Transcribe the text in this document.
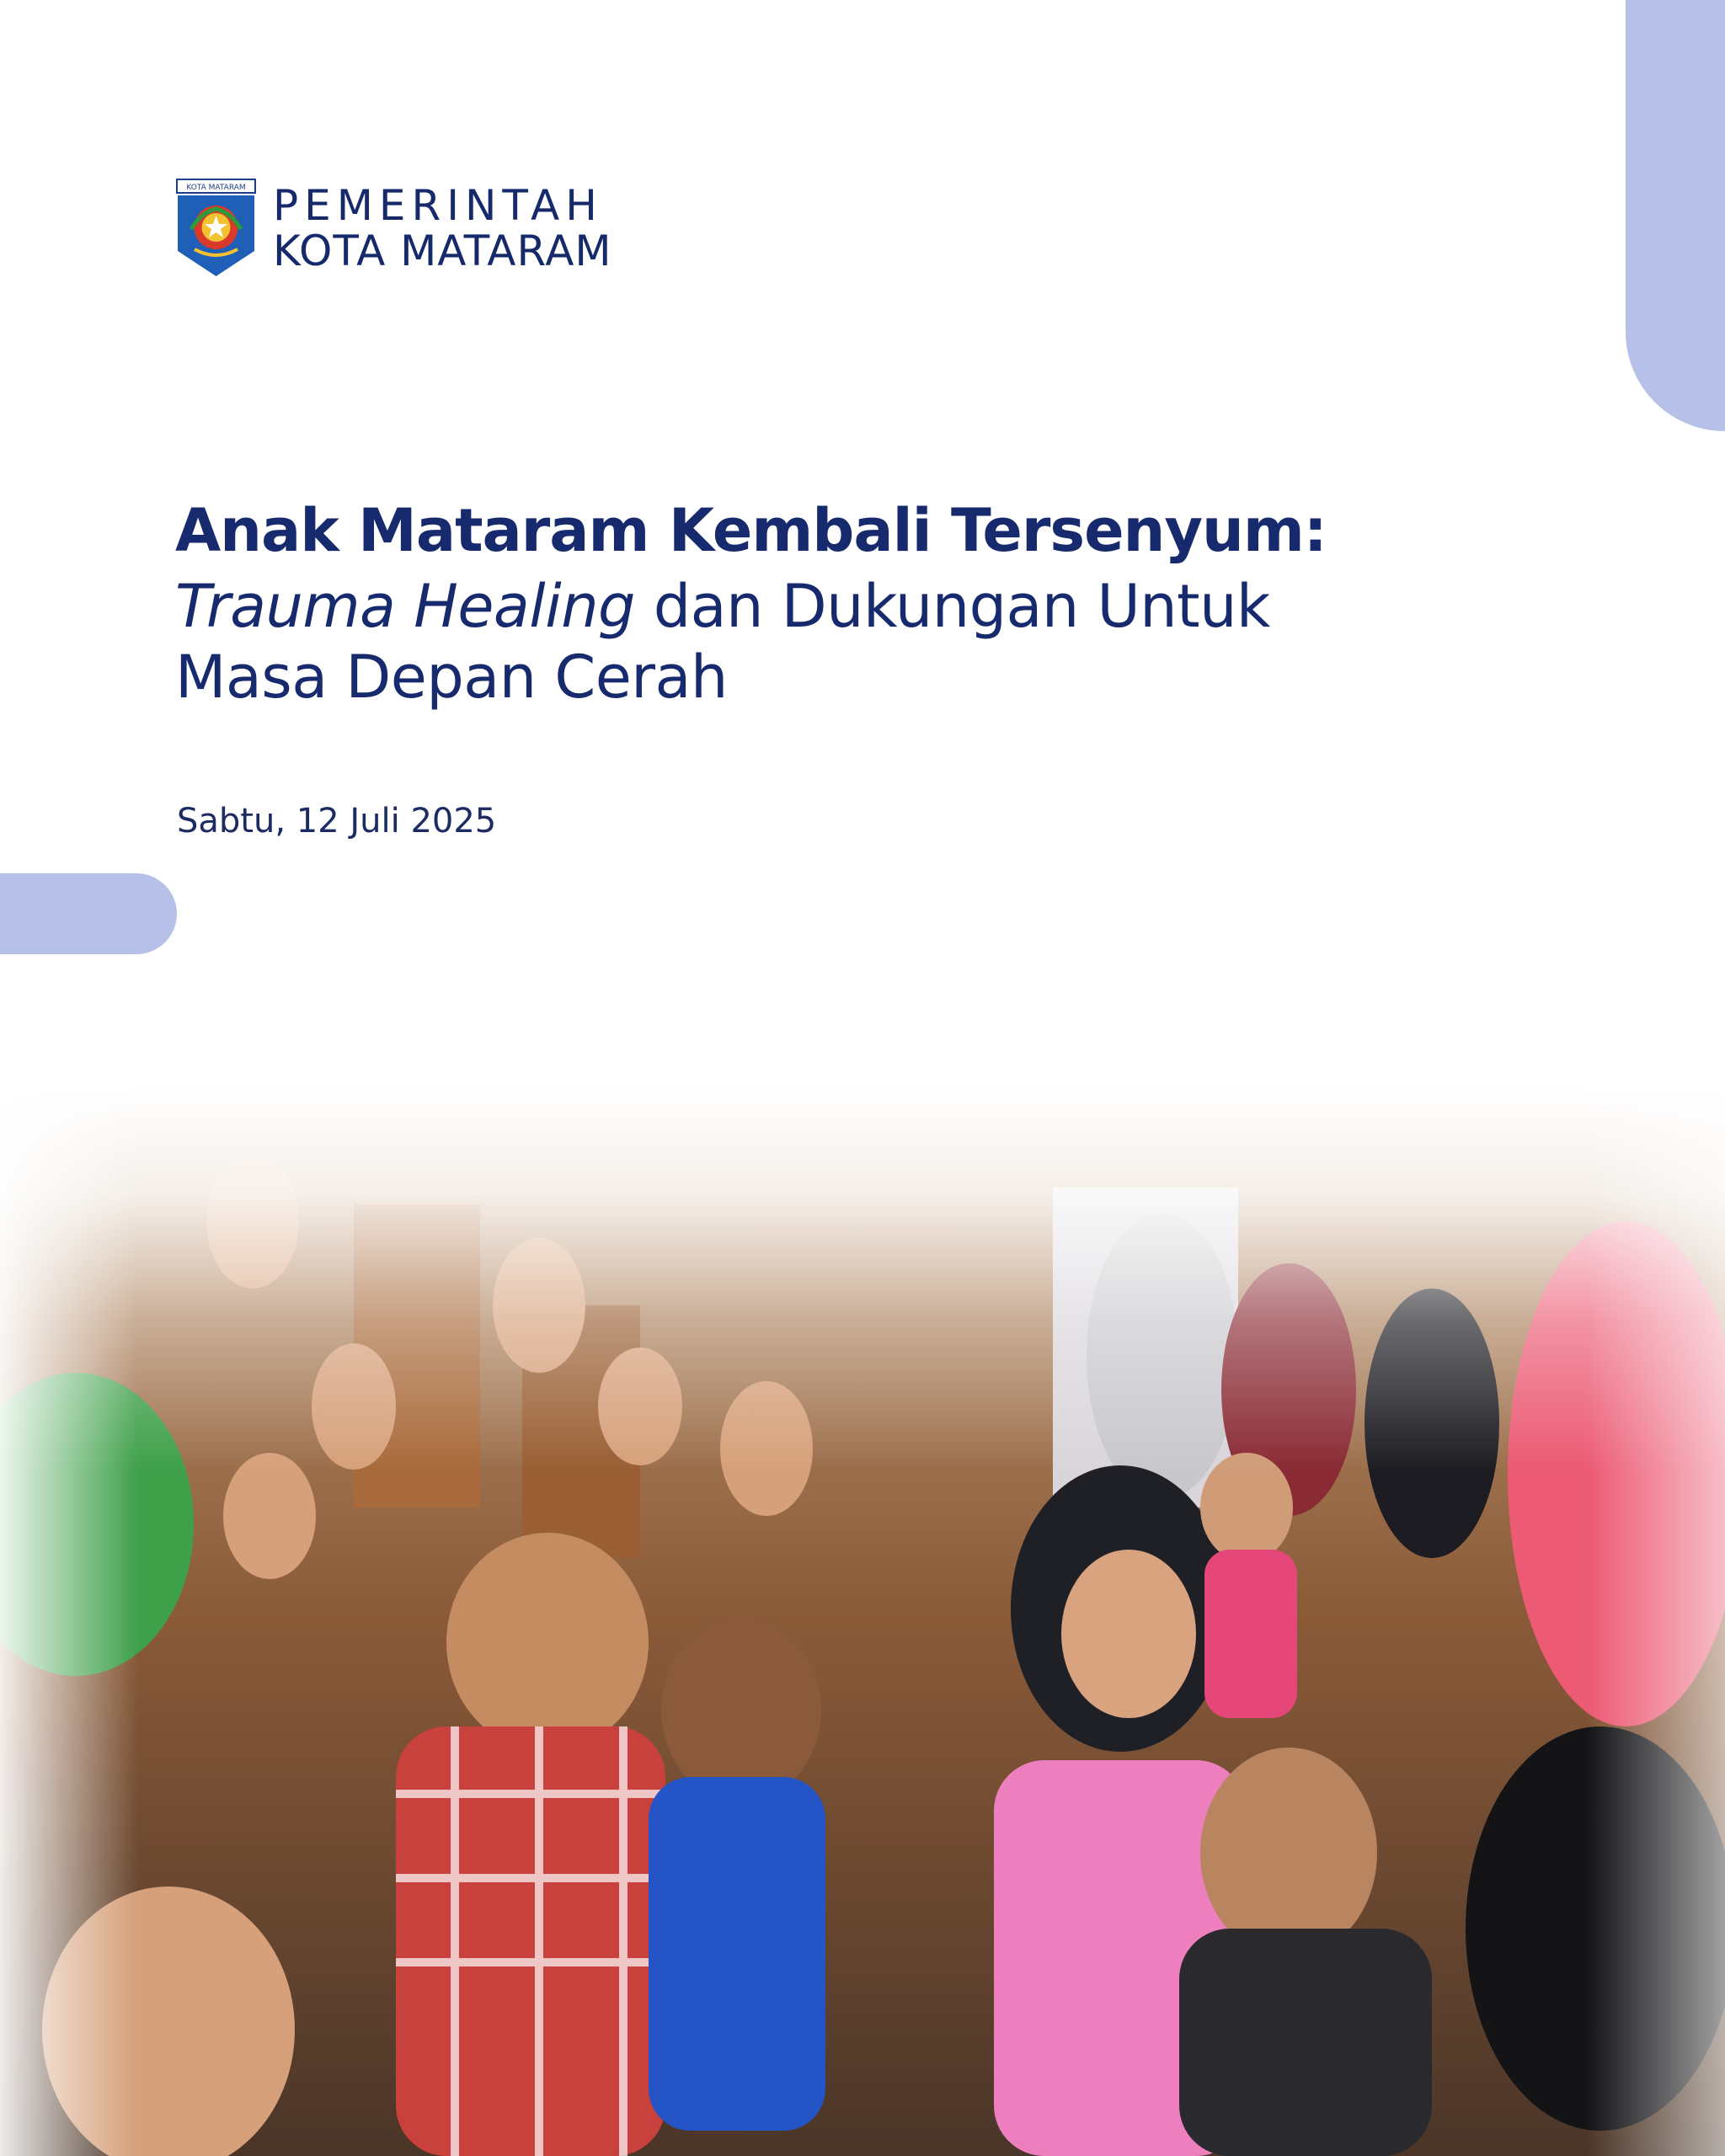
KOTA MATARAM PEMERINTAH
KOTA MATARAM
Anak Mataram Kembali Tersenyum:

Trauma Healing dan Dukungan Untuk
Masa Depan Cerah

Sabtu, 12 Juli 2025
